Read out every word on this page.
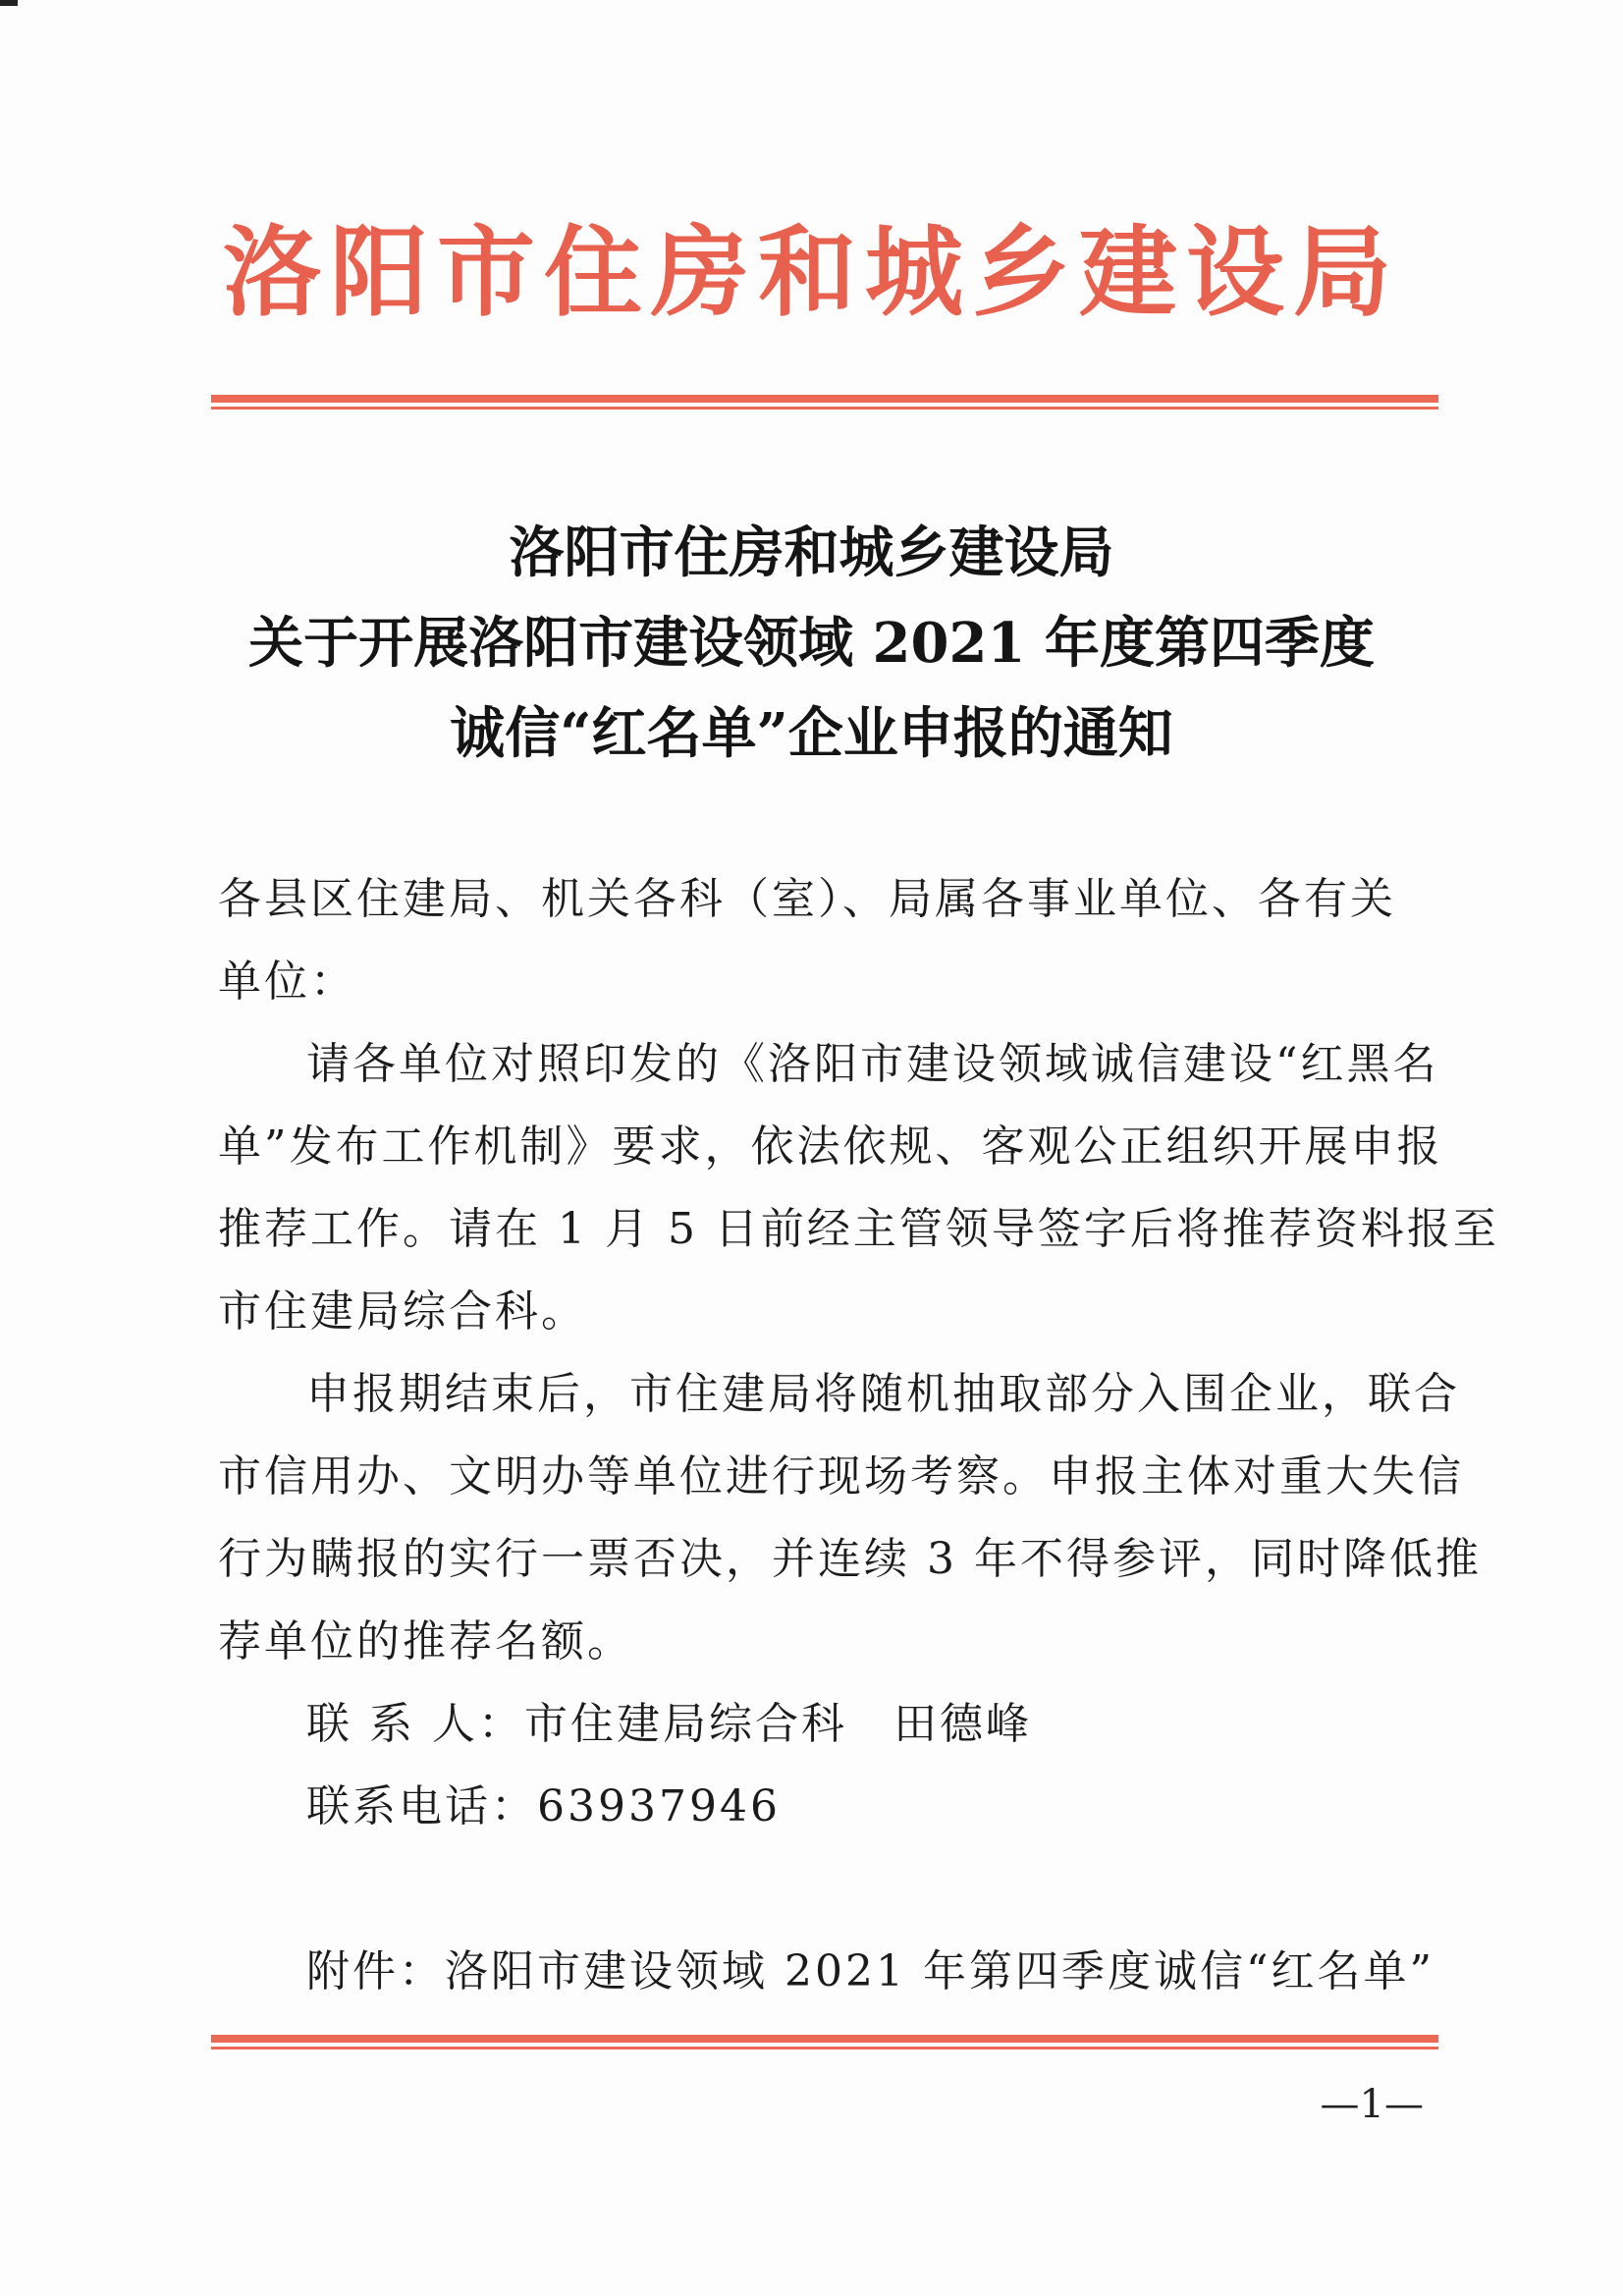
洛阳市住房和城乡建设局
洛阳市住房和城乡建设局
关于开展洛阳市建设领域 2021 年度第四季度
诚信“红名单”企业申报的通知
各县区住建局、机关各科（室）、局属各事业单位、各有关
单位：
请各单位对照印发的《洛阳市建设领域诚信建设“红黑名
单”发布工作机制》要求，依法依规、客观公正组织开展申报
推荐工作。请在 1 月 5 日前经主管领导签字后将推荐资料报至
市住建局综合科。
申报期结束后，市住建局将随机抽取部分入围企业，联合
市信用办、文明办等单位进行现场考察。申报主体对重大失信
行为瞒报的实行一票否决，并连续 3 年不得参评，同时降低推
荐单位的推荐名额。
联 系 人：市住建局综合科　田德峰
联系电话：63937946
附件：洛阳市建设领域 2021 年第四季度诚信“红名单”
—1—
